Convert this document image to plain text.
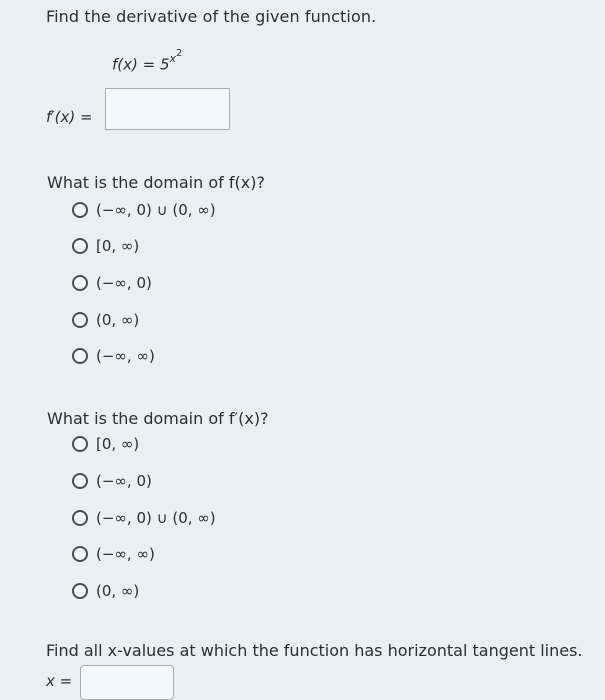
Find the derivative of the given function.
$f(x) = 5^{x^2}$
f′(x) =
What is the domain of f(x)?
(−∞, 0) ∪ (0, ∞)
[0, ∞)
(−∞, 0)
(0, ∞)
(−∞, ∞)
What is the domain of f′(x)?
[0, ∞)
(−∞, 0)
(−∞, 0) ∪ (0, ∞)
(−∞, ∞)
(0, ∞)
Find all x-values at which the function has horizontal tangent lines.
x =
